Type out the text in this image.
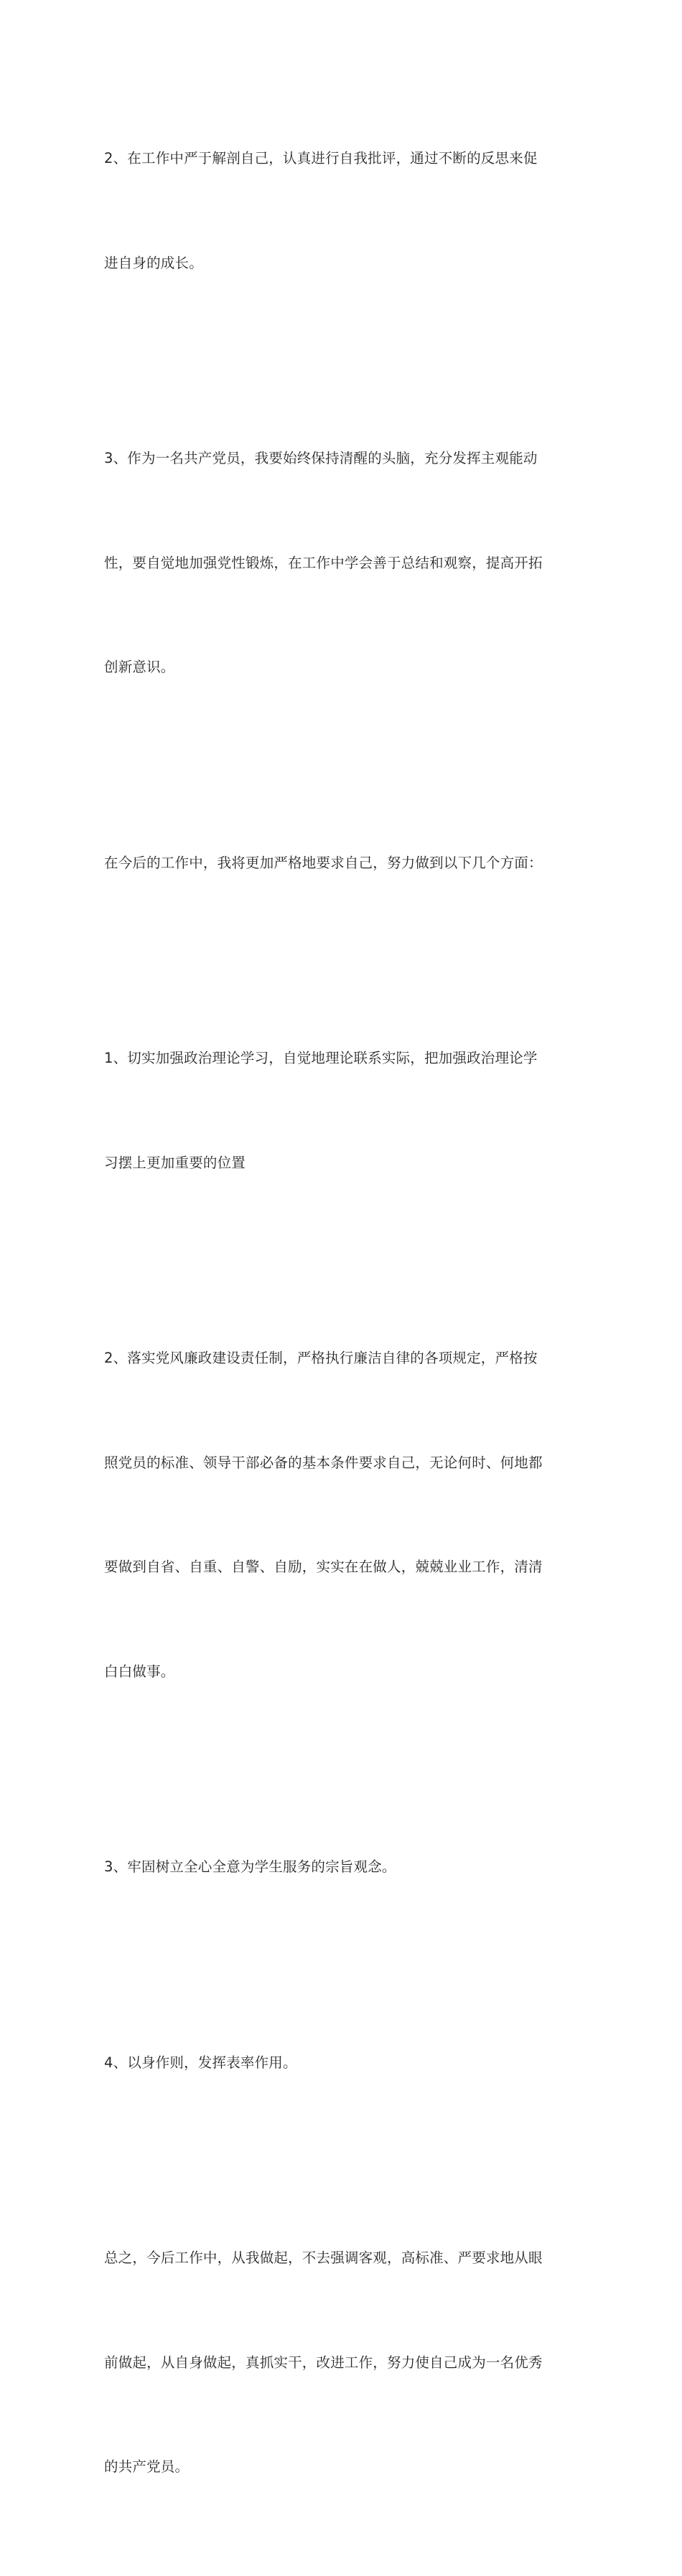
2、在工作中严于解剖自己，认真进行自我批评，通过不断的反思来促

进自身的成长。

3、作为一名共产党员，我要始终保持清醒的头脑，充分发挥主观能动

性，要自觉地加强党性锻炼，在工作中学会善于总结和观察，提高开拓

创新意识。

在今后的工作中，我将更加严格地要求自己，努力做到以下几个方面：

1、切实加强政治理论学习，自觉地理论联系实际，把加强政治理论学

习摆上更加重要的位置

2、落实党风廉政建设责任制，严格执行廉洁自律的各项规定，严格按

照党员的标准、领导干部必备的基本条件要求自己，无论何时、何地都

要做到自省、自重、自警、自励，实实在在做人，兢兢业业工作，清清

白白做事。

3、牢固树立全心全意为学生服务的宗旨观念。

4、以身作则，发挥表率作用。

总之，今后工作中，从我做起，不去强调客观，高标准、严要求地从眼

前做起，从自身做起，真抓实干，改进工作，努力使自己成为一名优秀

的共产党员。
